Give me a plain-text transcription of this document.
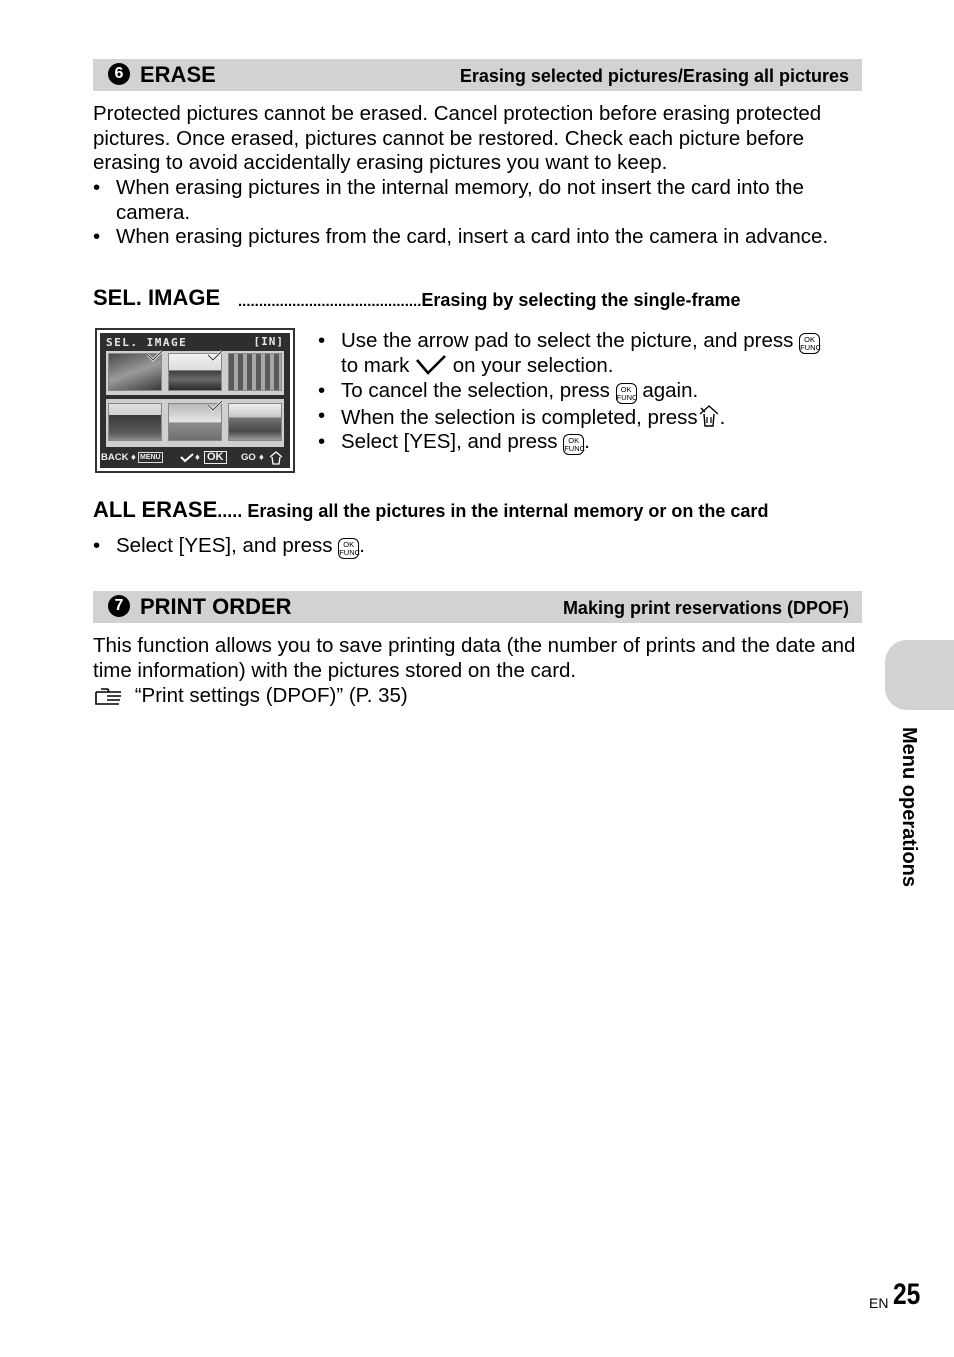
6 ERASE	Erasing selected pictures/Erasing all pictures

Protected pictures cannot be erased. Cancel protection before erasing protected pictures. Once erased, pictures cannot be restored. Check each picture before erasing to avoid accidentally erasing pictures you want to keep.

• When erasing pictures in the internal memory, do not insert the card into the camera.
• When erasing pictures from the card, insert a card into the camera in advance.
SEL. IMAGE ............................................Erasing by selecting the single-frame
SEL. IMAGE	[IN]
BACK ♦ MENU	♦ OK	GO ♦
• Use the arrow pad to select the picture, and press OK
FUNC
to mark on your selection.
• To cancel the selection, press OK
FUNC again.
• When the selection is completed, press .
• Select [YES], and press OK
FUNC.
ALL ERASE..... Erasing all the pictures in the internal memory or on the card
• Select [YES], and press OK
FUNC.
7 PRINT ORDER	Making print reservations (DPOF)

This function allows you to save printing data (the number of prints and the date and time information) with the pictures stored on the card.

“Print settings (DPOF)” (P. 35)
Menu operations
EN 25
